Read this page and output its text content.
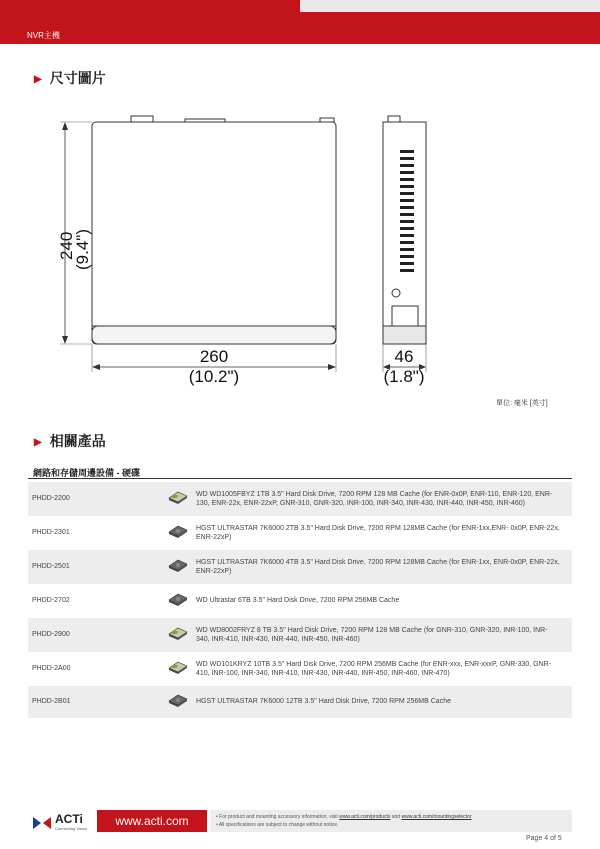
NVR主機
▶ 尺寸圖片
240
(9.4")
260
(10.2")
46
(1.8")
單位: 毫米 [英寸]
▶ 相關產品
網路和存儲周邊設備 - 硬碟
PHDD-2200		WD WD1005FBYZ 1TB 3.5" Hard Disk Drive, 7200 RPM 128 MB Cache (for ENR-0x0P, ENR-110, ENR-120, ENR-130, ENR-22x, ENR-22xP, GNR-310, GNR-320, INR-100, INR-340, INR-430, INR-440, INR-450, INR-460)
PHDD-2301		HGST ULTRASTAR 7K6000 2TB 3.5" Hard Disk Drive, 7200 RPM 128MB Cache (for ENR-1xx,ENR- 0x0P, ENR-22x, ENR-22xP)
PHDD-2501		HGST ULTRASTAR 7K6000 4TB 3.5" Hard Disk Drive, 7200 RPM 128MB Cache (for ENR-1xx, ENR-0x0P, ENR-22x, ENR-22xP)
PHDD-2702		WD Ultrastar 6TB 3.5" Hard Disk Drive, 7200 RPM 256MB Cache
PHDD-2900		WD WD8002FRYZ 8 TB 3.5" Hard Disk Drive, 7200 RPM 128 MB Cache (for GNR-310, GNR-320, INR-100, INR-340, INR-410, INR-430, INR-440, INR-450, INR-460)
PHDD-2A00		WD WD101KRYZ 10TB 3.5" Hard Disk Drive, 7200 RPM 256MB Cache (for ENR-xxx, ENR-xxxP, GNR-330, GNR-410, INR-100, INR-340, INR-410, INR-430, INR-440, INR-450, INR-460, INR-470)
PHDD-2B01		HGST ULTRASTAR 7K6000 12TB 3.5" Hard Disk Drive, 7200 RPM 256MB Cache
ACTi
Connecting Vision
www.acti.com	• For product and mounting accessory information, visit www.acti.com/products and www.acti.com/mountingselector
• All specifications are subject to change without notice.
Page 4 of 5
